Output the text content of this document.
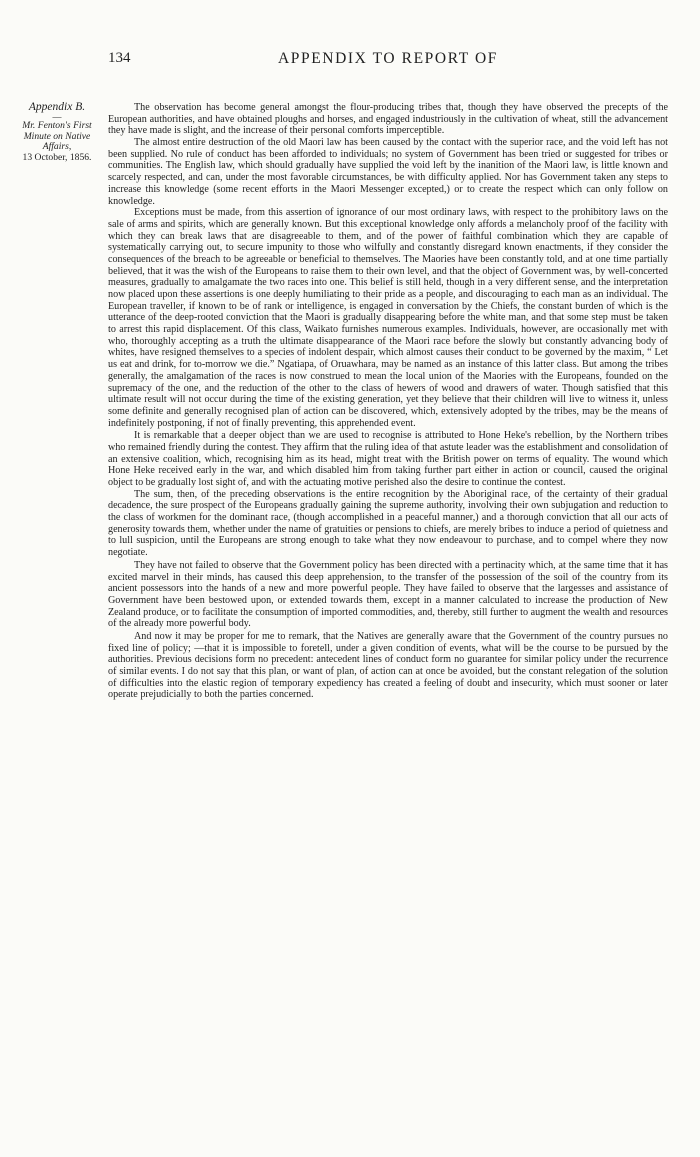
134	APPENDIX TO REPORT OF
Appendix B.
—
Mr. Fenton's First
Minute on Native
Affairs,
13 October, 1856.

The observation has become general amongst the flour-producing tribes that, though they have observed the precepts of the European authorities, and have obtained ploughs and horses, and engaged industriously in the cultivation of wheat, still the advancement they have made is slight, and the increase of their personal comforts imperceptible.

The almost entire destruction of the old Maori law has been caused by the contact with the superior race, and the void left has not been supplied. No rule of conduct has been afforded to individuals; no system of Government has been tried or suggested for tribes or communities. The English law, which should gradually have supplied the void left by the inanition of the Maori law, is little known and scarcely respected, and can, under the most favorable circumstances, be with difficulty applied. Nor has Government taken any steps to increase this knowledge (some recent efforts in the Maori Messenger excepted,) or to create the respect which can only follow on knowledge.

Exceptions must be made, from this assertion of ignorance of our most ordinary laws, with respect to the prohibitory laws on the sale of arms and spirits, which are generally known. But this exceptional knowledge only affords a melancholy proof of the facility with which they can break laws that are disagreeable to them, and of the power of faithful combination which they are capable of systematically carrying out, to secure impunity to those who wilfully and constantly disregard known enactments, if they consider the consequences of the breach to be agreeable or beneficial to themselves. The Maories have been constantly told, and at one time partially believed, that it was the wish of the Europeans to raise them to their own level, and that the object of Government was, by well-concerted measures, gradually to amalgamate the two races into one. This belief is still held, though in a very different sense, and the interpretation now placed upon these assertions is one deeply humiliating to their pride as a people, and discouraging to each man as an individual. The European traveller, if known to be of rank or intelligence, is engaged in conversation by the Chiefs, the constant burden of which is the utterance of the deep-rooted conviction that the Maori is gradually disappearing before the white man, and that some step must be taken to arrest this rapid displacement. Of this class, Waikato furnishes numerous examples. Individuals, however, are occasionally met with who, thoroughly accepting as a truth the ultimate disappearance of the Maori race before the slowly but constantly advancing body of whites, have resigned themselves to a species of indolent despair, which almost causes their conduct to be governed by the maxim, “ Let us eat and drink, for to-morrow we die.” Ngatiapa, of Oruawhara, may be named as an instance of this latter class. But among the tribes generally, the amalgamation of the races is now construed to mean the local union of the Maories with the Europeans, founded on the supremacy of the one, and the reduction of the other to the class of hewers of wood and drawers of water. Though satisfied that this ultimate result will not occur during the time of the existing generation, yet they believe that their children will live to witness it, unless some definite and generally recognised plan of action can be discovered, which, extensively adopted by the tribes, may be the means of indefinitely postponing, if not of finally preventing, this apprehended event.

It is remarkable that a deeper object than we are used to recognise is attributed to Hone Heke's rebellion, by the Northern tribes who remained friendly during the contest. They affirm that the ruling idea of that astute leader was the establishment and consolidation of an extensive coalition, which, recognising him as its head, might treat with the British power on terms of equality. The wound which Hone Heke received early in the war, and which disabled him from taking further part either in action or council, caused the original object to be gradually lost sight of, and with the actuating motive perished also the desire to continue the contest.

The sum, then, of the preceding observations is the entire recognition by the Aboriginal race, of the certainty of their gradual decadence, the sure prospect of the Europeans gradually gaining the supreme authority, involving their own subjugation and reduction to the class of workmen for the dominant race, (though accomplished in a peaceful manner,) and a thorough conviction that all our acts of generosity towards them, whether under the name of gratuities or pensions to chiefs, are merely bribes to induce a period of quietness and to lull suspicion, until the Europeans are strong enough to take what they now endeavour to purchase, and to compel where they now negotiate.

They have not failed to observe that the Government policy has been directed with a pertinacity which, at the same time that it has excited marvel in their minds, has caused this deep apprehension, to the transfer of the possession of the soil of the country from its ancient possessors into the hands of a new and more powerful people. They have failed to observe that the largesses and assistance of Government have been bestowed upon, or extended towards them, except in a manner calculated to increase the production of New Zealand produce, or to facilitate the consumption of imported commodities, and, thereby, still further to augment the wealth and resources of the already more powerful body.

And now it may be proper for me to remark, that the Natives are generally aware that the Government of the country pursues no fixed line of policy; —that it is impossible to foretell, under a given condition of events, what will be the course to be pursued by the authorities. Previous decisions form no precedent: antecedent lines of conduct form no guarantee for similar policy under the recurrence of similar events. I do not say that this plan, or want of plan, of action can at once be avoided, but the constant relegation of the solution of difficulties into the elastic region of temporary expediency has created a feeling of doubt and insecurity, which must sooner or later operate prejudicially to both the parties concerned.
